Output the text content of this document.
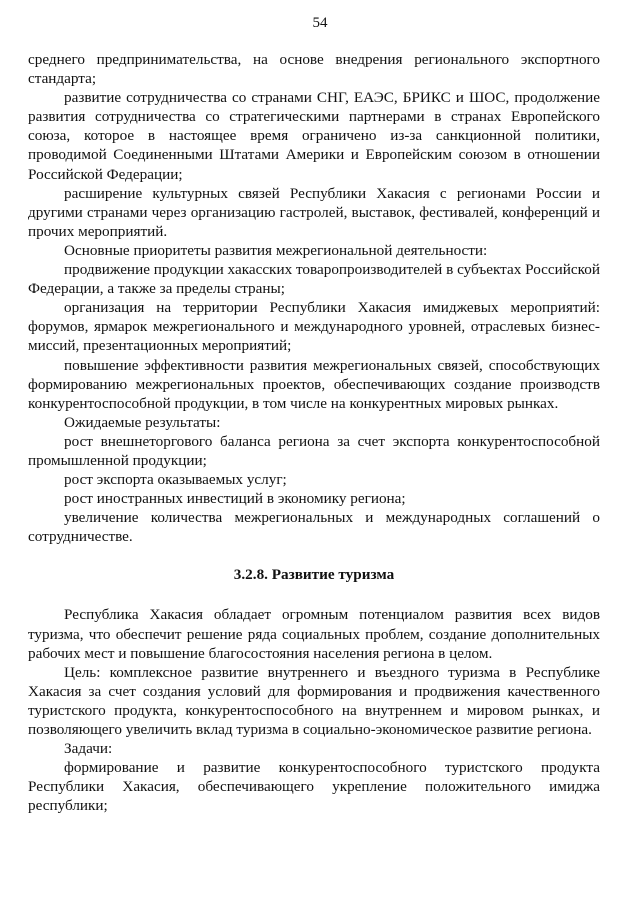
54

среднего предпринимательства, на основе внедрения регионального экспортного стандарта;

развитие сотрудничества со странами СНГ, ЕАЭС, БРИКС и ШОС, продолжение развития сотрудничества со стратегическими партнерами в странах Европейского союза, которое в настоящее время ограничено из-за санкционной политики, проводимой Соединенными Штатами Америки и Европейским союзом в отношении Российской Федерации;

расширение культурных связей Республики Хакасия с регионами России и другими странами через организацию гастролей, выставок, фестивалей, конференций и прочих мероприятий.

Основные приоритеты развития межрегиональной деятельности:

продвижение продукции хакасских товаропроизводителей в субъектах Российской Федерации, а также за пределы страны;

организация на территории Республики Хакасия имиджевых мероприятий: форумов, ярмарок межрегионального и международного уровней, отраслевых бизнес-миссий, презентационных мероприятий;

повышение эффективности развития межрегиональных связей, способствующих формированию межрегиональных проектов, обеспечивающих создание производств конкурентоспособной продукции, в том числе на конкурентных мировых рынках.

Ожидаемые результаты:

рост внешнеторгового баланса региона за счет экспорта конкурентоспособной промышленной продукции;

рост экспорта оказываемых услуг;

рост иностранных инвестиций в экономику региона;

увеличение количества межрегиональных и международных соглашений о сотрудничестве.

3.2.8. Развитие туризма

Республика Хакасия обладает огромным потенциалом развития всех видов туризма, что обеспечит решение ряда социальных проблем, создание дополнительных рабочих мест и повышение благосостояния населения региона в целом.

Цель: комплексное развитие внутреннего и въездного туризма в Республике Хакасия за счет создания условий для формирования и продвижения качественного туристского продукта, конкурентоспособного на внутреннем и мировом рынках, и позволяющего увеличить вклад туризма в социально-экономическое развитие региона.

Задачи:

формирование и развитие конкурентоспособного туристского продукта Республики Хакасия, обеспечивающего укрепление положительного имиджа республики;
